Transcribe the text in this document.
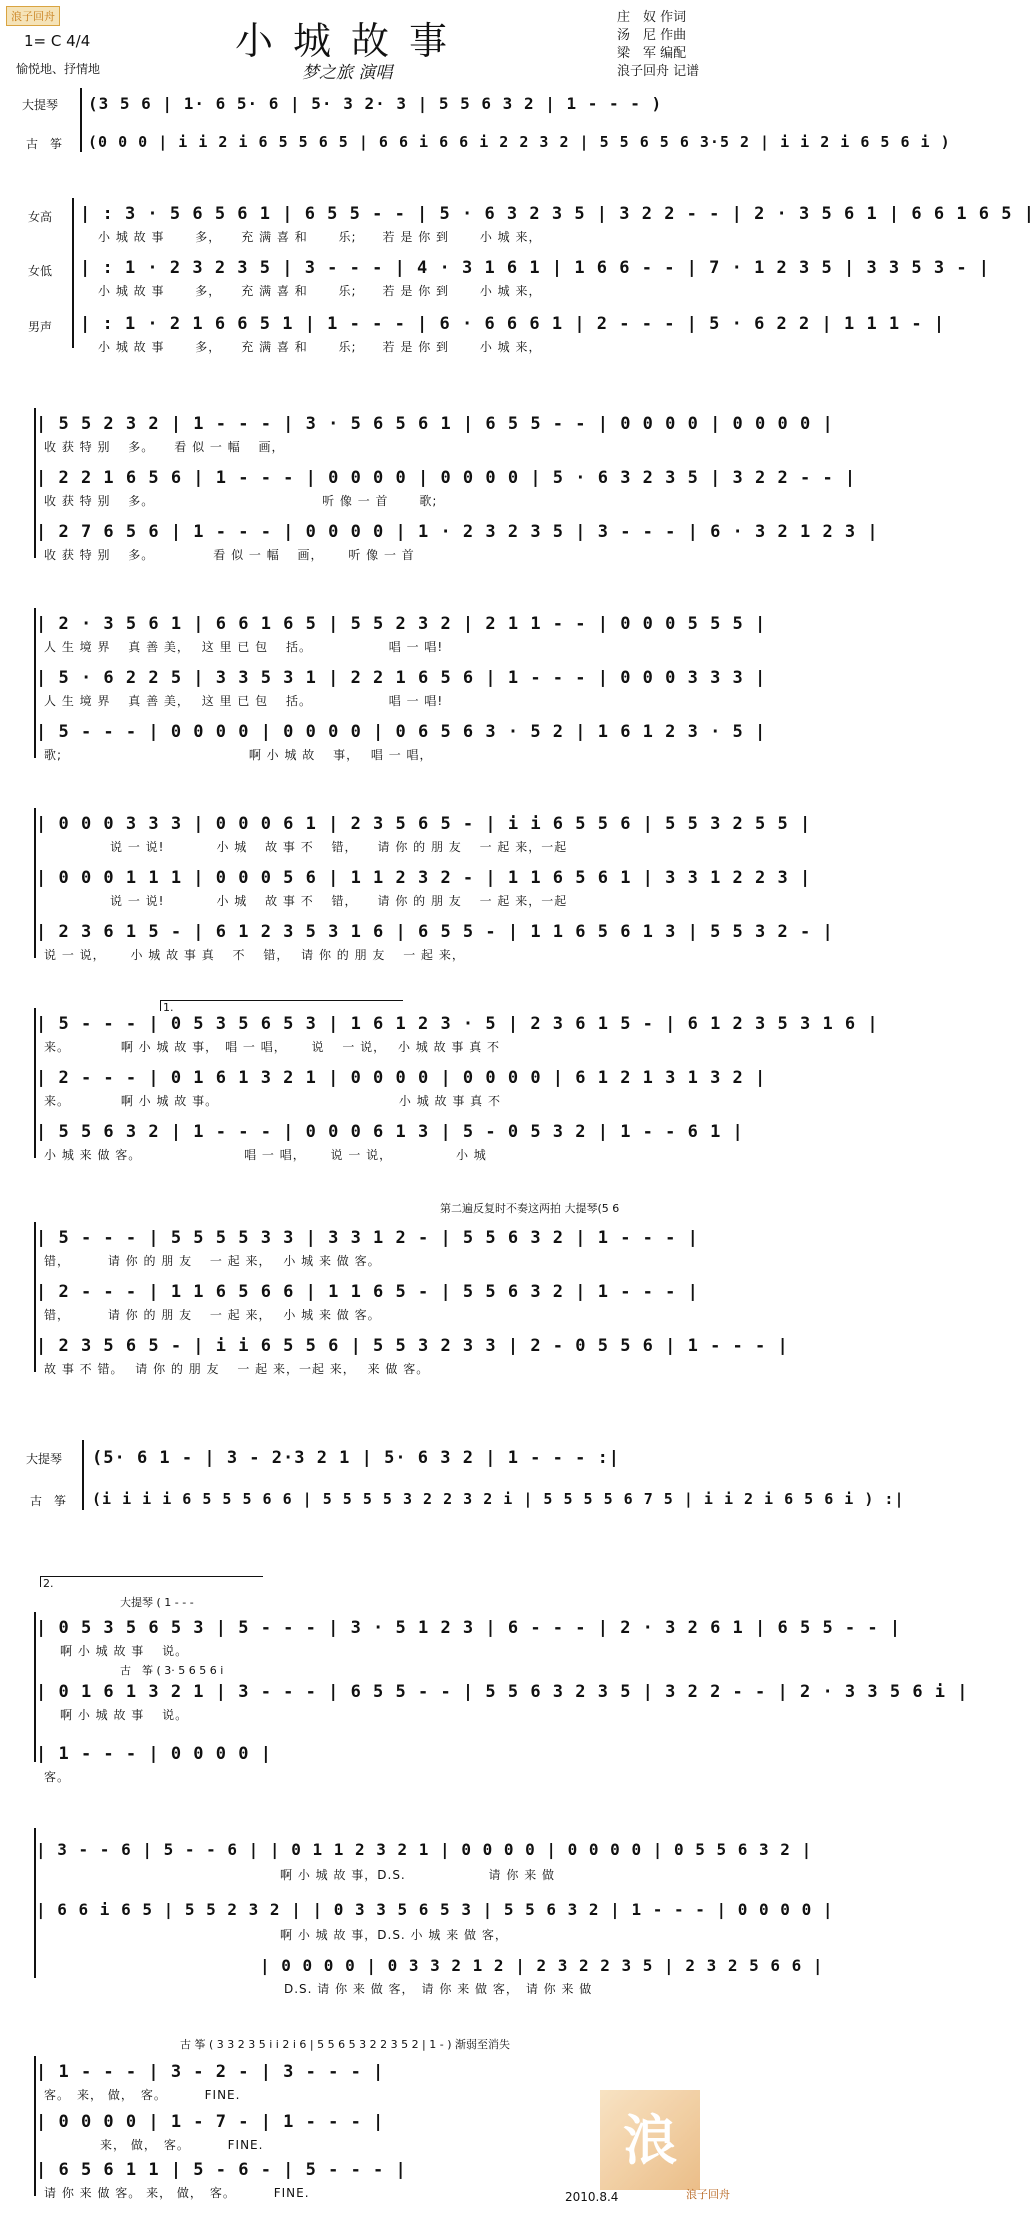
浪子回舟
1= C 4/4
愉悦地、抒情地
小城故事
梦之旅 演唱
庄　奴 作词
汤　尼 作曲
梁　军 编配
浪子回舟 记谱
大提琴
古　筝
(3 5 6 | 1· 6 5· 6 | 5· 3 2· 3 | 5 5 6 3 2 | 1 - - - )
(0 0 0 | i i 2 i 6 5 5 6 5 | 6 6 i 6 6 i 2 2 3 2 | 5 5 6 5 6 3·5 2 | i i 2 i 6 5 6 i )
女高
女低
男声
| : 3 · 5 6 5 6 1 | 6 5 5 - - | 5 · 6 3 2 3 5 | 3 2 2 - - | 2 · 3 5 6 1 | 6 6 1 6 5 |
小 城 故 事　　 多，　　充 满 喜 和　　 乐;　　若 是 你 到　　 小 城 来，
| : 1 · 2 3 2 3 5 | 3 - - - | 4 · 3 1 6 1 | 1 6 6 - - | 7 · 1 2 3 5 | 3 3 5 3 - |
小 城 故 事　　 多，　　充 满 喜 和　　 乐;　　若 是 你 到　　 小 城 来，
| : 1 · 2 1 6 6 5 1 | 1 - - - | 6 · 6 6 6 1 | 2 - - - | 5 · 6 2 2 | 1 1 1 - |
小 城 故 事　　 多，　　充 满 喜 和　　 乐;　　若 是 你 到　　 小 城 来，
| 5 5 2 3 2 | 1 - - - | 3 · 5 6 5 6 1 | 6 5 5 - - | 0 0 0 0 | 0 0 0 0 |
收 获 特 别　 多。　　看 似 一 幅　 画，
| 2 2 1 6 5 6 | 1 - - - | 0 0 0 0 | 0 0 0 0 | 5 · 6 3 2 3 5 | 3 2 2 - - |
收 获 特 别　 多。　　　　　　　　　　　　　 听 像 一 首　　 歌;
| 2 7 6 5 6 | 1 - - - | 0 0 0 0 | 1 · 2 3 2 3 5 | 3 - - - | 6 · 3 2 1 2 3 |
收 获 特 别　 多。　　　　　看 似 一 幅　 画，　　 听 像 一 首
| 2 · 3 5 6 1 | 6 6 1 6 5 | 5 5 2 3 2 | 2 1 1 - - | 0 0 0 5 5 5 |
人 生 境 界　 真 善 美，　 这 里 已 包　 括。　　　　　　 唱 一 唱!
| 5 · 6 2 2 5 | 3 3 5 3 1 | 2 2 1 6 5 6 | 1 - - - | 0 0 0 3 3 3 |
人 生 境 界　 真 善 美，　 这 里 已 包　 括。　　　　　　 唱 一 唱!
| 5 - - - | 0 0 0 0 | 0 0 0 0 | 0 6 5 6 3 · 5 2 | 1 6 1 2 3 · 5 |
歌;　　　　　　　　　　　　　　 啊 小 城 故　 事，　 唱 一 唱，
| 0 0 0 3 3 3 | 0 0 0 6 1 | 2 3 5 6 5 - | i i 6 5 5 6 | 5 5 3 2 5 5 |
说 一 说!　　　　小 城　 故 事 不　 错，　　请 你 的 朋 友　 一 起 来，一起
| 0 0 0 1 1 1 | 0 0 0 5 6 | 1 1 2 3 2 - | 1 1 6 5 6 1 | 3 3 1 2 2 3 |
说 一 说!　　　　小 城　 故 事 不　 错，　　请 你 的 朋 友　 一 起 来，一起
| 2 3 6 1 5 - | 6 1 2 3 5 3 1 6 | 6 5 5 - | 1 1 6 5 6 1 3 | 5 5 3 2 - |
说 一 说，　　 小 城 故 事 真　 不　 错，　 请 你 的 朋 友　 一 起 来，
1.
| 5 - - - | 0 5 3 5 6 5 3 | 1 6 1 2 3 · 5 | 2 3 6 1 5 - | 6 1 2 3 5 3 1 6 |
来。　　　　 啊 小 城 故 事，　唱 一 唱，　　 说　 一 说，　 小 城 故 事 真 不
| 2 - - - | 0 1 6 1 3 2 1 | 0 0 0 0 | 0 0 0 0 | 6 1 2 1 3 1 3 2 |
来。　　　　 啊 小 城 故 事。　　　　　　　　　　　　　　 小 城 故 事 真 不
| 5 5 6 3 2 | 1 - - - | 0 0 0 6 1 3 | 5 - 0 5 3 2 | 1 - - 6 1 |
小 城 来 做 客。　　　　　　　　 唱 一 唱，　　 说 一 说，　　　　　 小 城
第二遍反复时不奏这两拍 大提琴(5 6
| 5 - - - | 5 5 5 5 3 3 | 3 3 1 2 - | 5 5 6 3 2 | 1 - - - |
错，　　　 请 你 的 朋 友　 一 起 来，　 小 城 来 做 客。
| 2 - - - | 1 1 6 5 6 6 | 1 1 6 5 - | 5 5 6 3 2 | 1 - - - |
错，　　　 请 你 的 朋 友　 一 起 来，　 小 城 来 做 客。
| 2 3 5 6 5 - | i i 6 5 5 6 | 5 5 3 2 3 3 | 2 - 0 5 5 6 | 1 - - - |
故 事 不 错。　 请 你 的 朋 友　 一 起 来，一起 来，　 来 做 客。
大提琴
古　筝
(5· 6 1 - | 3 - 2·3 2 1 | 5· 6 3 2 | 1 - - - :|
(i i i i 6 5 5 5 6 6 | 5 5 5 5 3 2 2 3 2 i | 5 5 5 5 6 7 5 | i i 2 i 6 5 6 i ) :|
2.
大提琴 ( 1 - - -
古　筝 ( 3· 5 6 5 6 i
| 0 5 3 5 6 5 3 | 5 - - - | 3 · 5 1 2 3 | 6 - - - | 2 · 3 2 6 1 | 6 5 5 - - |
啊 小 城 故 事　 说。
| 0 1 6 1 3 2 1 | 3 - - - | 6 5 5 - - | 5 5 6 3 2 3 5 | 3 2 2 - - | 2 · 3 3 5 6 i |
啊 小 城 故 事　 说。
| 1 - - - | 0 0 0 0 |
客。
| 3 - - 6 | 5 - - 6 | | 0 1 1 2 3 2 1 | 0 0 0 0 | 0 0 0 0 | 0 5 5 6 3 2 |
啊 小 城 故 事，D.S.　　　　　　 请 你 来 做
| 6 6 i 6 5 | 5 5 2 3 2 | | 0 3 3 5 6 5 3 | 5 5 6 3 2 | 1 - - - | 0 0 0 0 |
啊 小 城 故 事，D.S. 小 城 来 做 客，
| 0 0 0 0 | 0 3 3 2 1 2 | 2 3 2 2 3 5 | 2 3 2 5 6 6 |
D.S. 请 你 来 做 客，　请 你 来 做 客，　请 你 来 做
古 筝 ( 3 3 2 3 5 i i 2 i 6 | 5 5 6 5 3 2 2 3 5 2 | 1 - ) 渐弱至消失
| 1 - - - | 3 - 2 - | 3 - - - |
客。　来， 做，　客。　　　 FINE.
| 0 0 0 0 | 1 - 7 - | 1 - - - |
来， 做，　客。　　　 FINE.
| 6 5 6 1 1 | 5 - 6 - | 5 - - - |
请 你 来 做 客。 来， 做，　客。　　　 FINE.	2010.8.4
浪
浪子回舟
